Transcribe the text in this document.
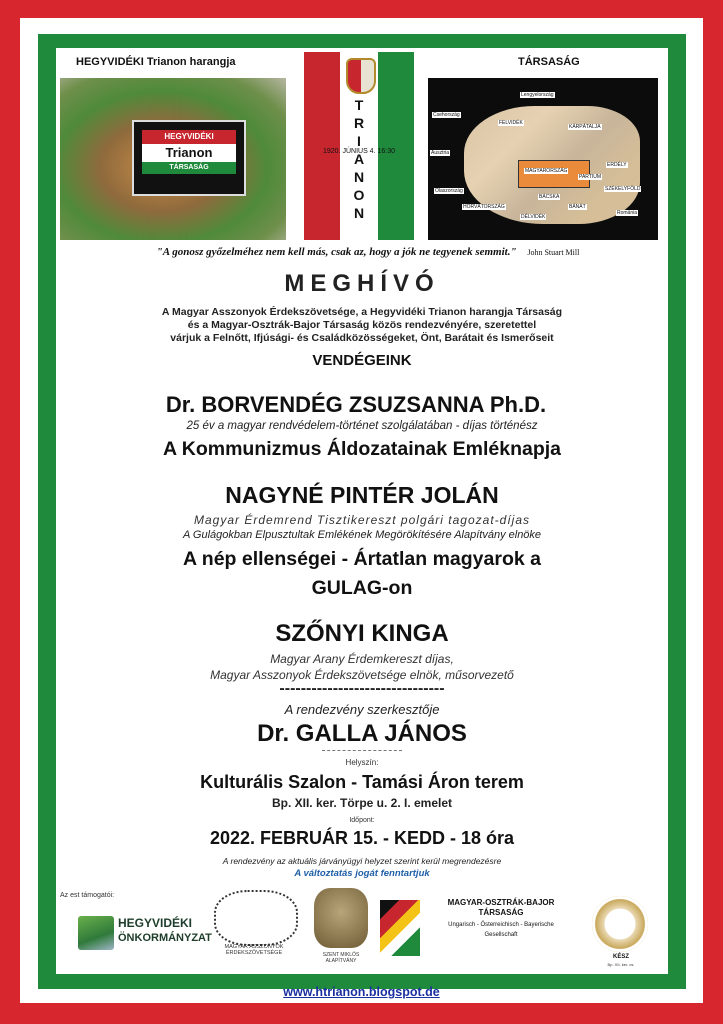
HEGYVIDÉKI Trianon harangja	TÁRSASÁG
HEGYVIDÉKI
Trianon
TÁRSASÁG
T
R
I
A
N
O
N
1920. JÚNIUS 4. 16:30
Lengyelország
Csehország
FELVIDÉK
KÁRPÁTALJA
Ausztria
MAGYARORSZÁG
ERDÉLY
PARTIUM
BÁCSKA
BÁNÁT
HORVÁTORSZÁG
DÉLVIDÉK
SZÉKELYFÖLD
Olaszország
Románia
"A gonosz győzelméhez nem kell más, csak az, hogy a jók ne tegyenek semmit." John Stuart Mill
MEGHÍVÓ
A Magyar Asszonyok Érdekszövetsége, a Hegyvidéki Trianon harangja Társaság
és a Magyar-Osztrák-Bajor Társaság közös rendezvényére, szeretettel
várjuk a Felnőtt, Ifjúsági- és Családközösségeket, Önt, Barátait és Ismerőseit
VENDÉGEINK
Dr. BORVENDÉG ZSUZSANNA Ph.D.
25 év a magyar rendvédelem-történet szolgálatában - díjas történész
A Kommunizmus Áldozatainak Emléknapja
NAGYNÉ PINTÉR JOLÁN
Magyar Érdemrend Tisztikereszt polgári tagozat-díjas
A Gulágokban Elpusztultak Emlékének Megörökítésére Alapítvány elnöke
A nép ellenségei - Ártatlan magyarok a
GULAG-on
SZŐNYI KINGA
Magyar Arany Érdemkereszt díjas,
Magyar Asszonyok Érdekszövetsége elnök, műsorvezető
-------------------------------
A rendezvény szerkesztője
Dr. GALLA JÁNOS
Helyszín:
Kulturális Szalon - Tamási Áron terem
Bp. XII. ker. Törpe u. 2. I. emelet
Időpont:
2022. FEBRUÁR 15. - KEDD - 18 óra
A rendezvény az aktuális járványügyi helyzet szerint kerül megrendezésre
A változtatás jogát fenntartjuk
Az est támogatói:
HEGYVIDÉKI
ÖNKORMÁNYZAT
MAGYAR ASSZONYOK ÉRDEKSZÖVETSÉGE	SZENT MIKLÓS ALAPÍTVÁNY
MAGYAR-OSZTRÁK-BAJOR
TÁRSASÁG
Ungarisch - Österreichisch - Bayerische
Gesellschaft
KÉSZ
Bp. XII. ker. cs.
www.htrianon.blogspot.de
